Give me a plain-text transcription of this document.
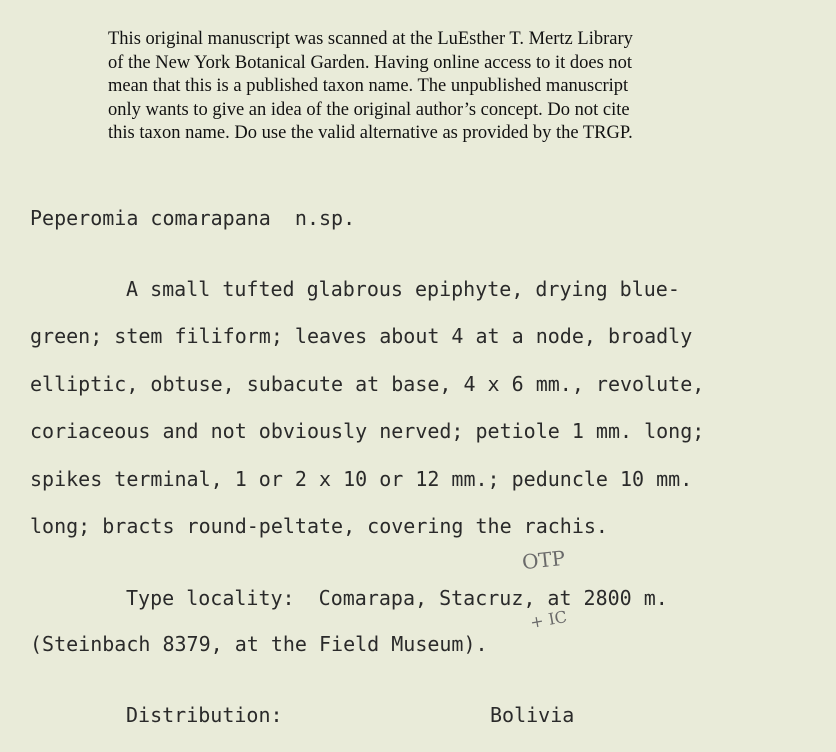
This original manuscript was scanned at the LuEsther T. Mertz Library
of the New York Botanical Garden. Having online access to it does not
mean that this is a published taxon name. The unpublished manuscript
only wants to give an idea of the original author’s concept. Do not cite
this taxon name. Do use the valid alternative as provided by the TRGP.
Peperomia comarapana  n.sp.
A small tufted glabrous epiphyte, drying blue-
green; stem filiform; leaves about 4 at a node, broadly
elliptic, obtuse, subacute at base, 4 x 6 mm., revolute,
coriaceous and not obviously nerved; petiole 1 mm. long;
spikes terminal, 1 or 2 x 10 or 12 mm.; peduncle 10 mm.
long; bracts round-peltate, covering the rachis.
OTP
Type locality:  Comarapa, Stacruz, at 2800 m.
+ IC
(Steinbach 8379, at the Field Museum).
Distribution:	Bolivia
